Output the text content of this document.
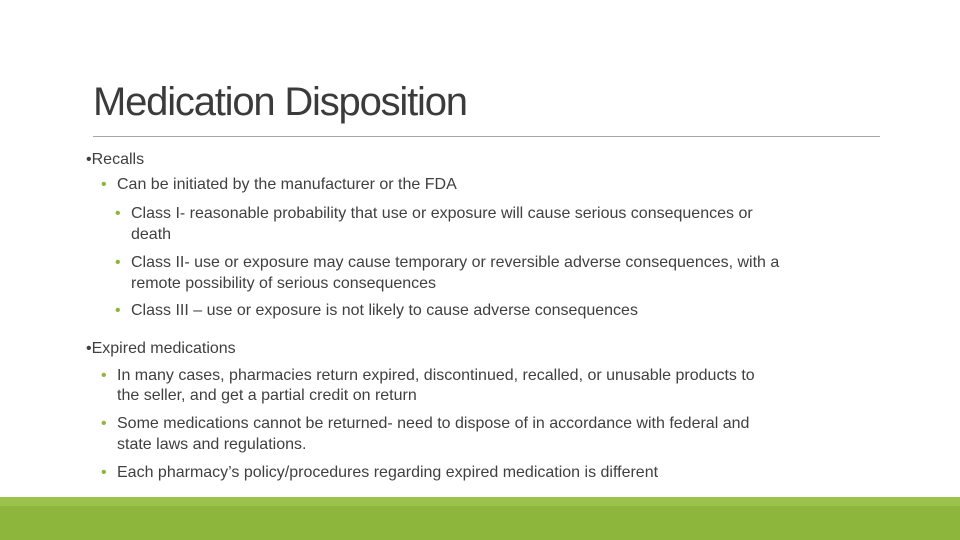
Medication Disposition
•Recalls
• Can be initiated by the manufacturer or the FDA
• Class I- reasonable probability that use or exposure will cause serious consequences or
death
• Class II- use or exposure may cause temporary or reversible adverse consequences, with a
remote possibility of serious consequences
• Class III – use or exposure is not likely to cause adverse consequences
•Expired medications
• In many cases, pharmacies return expired, discontinued, recalled, or unusable products to
the seller, and get a partial credit on return
• Some medications cannot be returned- need to dispose of in accordance with federal and
state laws and regulations.
• Each pharmacy’s policy/procedures regarding expired medication is different
